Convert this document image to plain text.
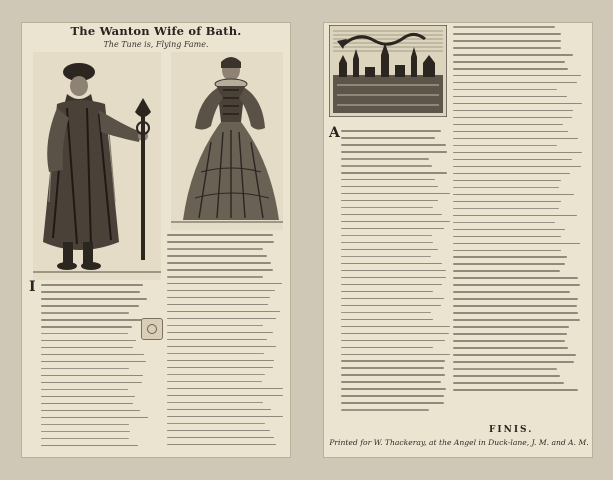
The Wanton Wife of Bath.
The Tune is, Flying Fame.
I
A
FINIS.
Printed for W. Thackeray, at the Angel in Duck-lane, J. M. and A. M.
